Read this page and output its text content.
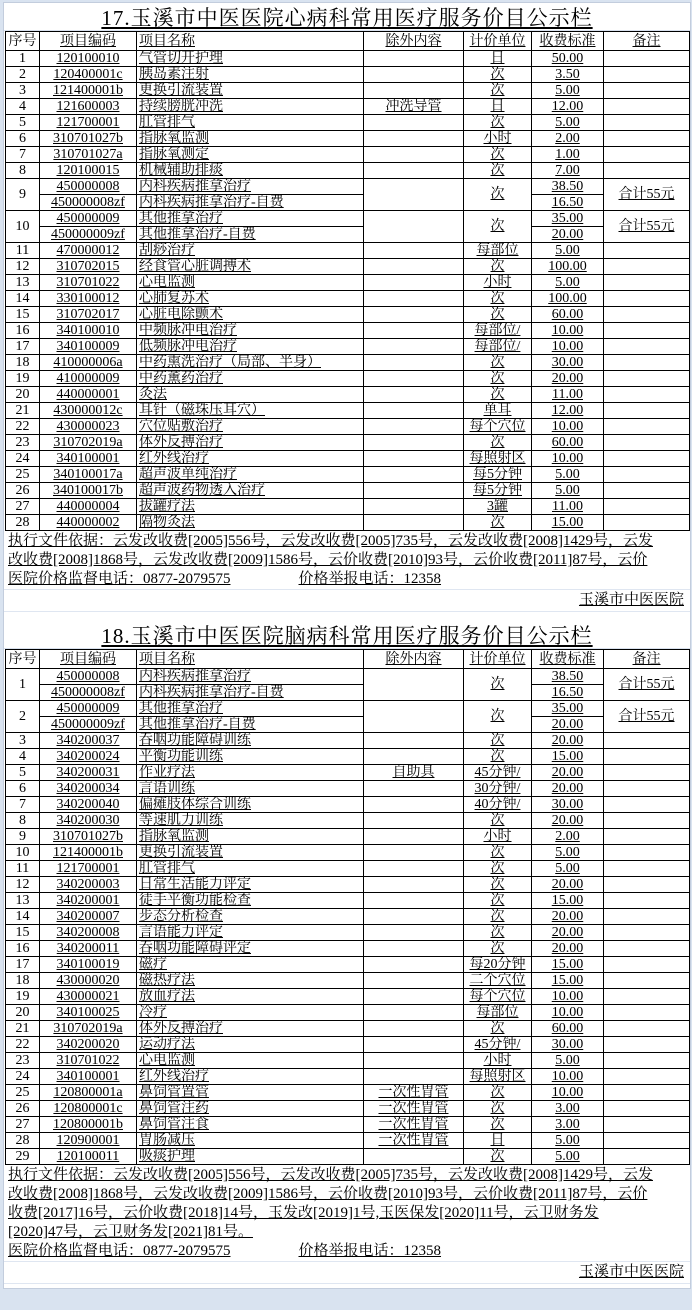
17.玉溪市中医医院心病科常用医疗服务价目公示栏
序号	项目编码	项目名称	除外内容	计价单位	收费标准	备注
1	120100010	气管切开护理		日	50.00	
2	120400001c	胰岛素注射		次	3.50	
3	121400001b	更换引流装置		次	5.00	
4	121600003	持续膀胱冲洗	冲洗导管	日	12.00	
5	121700001	肛管排气		次	5.00	
6	310701027b	指脉氧监测		小时	2.00	
7	310701027a	指脉氧测定		次	1.00	
8	120100015	机械辅助排痰		次	7.00	
9	450000008	内科疾病推拿治疗		次	38.50	合计55元
	450000008zf	内科疾病推拿治疗-自费			16.50	
10	450000009	其他推拿治疗		次	35.00	合计55元
	450000009zf	其他推拿治疗-自费			20.00	
11	470000012	刮痧治疗		每部位	5.00	
12	310702015	经食管心脏调搏术		次	100.00	
13	310701022	心电监测		小时	5.00	
14	330100012	心肺复苏术		次	100.00	
15	310702017	心脏电除颤术		次	60.00	
16	340100010	中频脉冲电治疗		每部位/	10.00	
17	340100009	低频脉冲电治疗		每部位/	10.00	
18	410000006a	中药熏洗治疗（局部、半身）		次	30.00	
19	410000009	中药薰药治疗		次	20.00	
20	440000001	灸法		次	11.00	
21	430000012c	耳针（磁珠压耳穴）		单耳	12.00	
22	430000023	穴位贴敷治疗		每个穴位	10.00	
23	310702019a	体外反搏治疗		次	60.00	
24	340100001	红外线治疗		每照射区	10.00	
25	340100017a	超声波单纯治疗		每5分钟	5.00	
26	340100017b	超声波药物透入治疗		每5分钟	5.00	
27	440000004	拔罐疗法		3罐	11.00	
28	440000002	隔物灸法		次	15.00	
执行文件依据：云发改收费[2005]556号，云发改收费[2005]735号，云发改收费[2008]1429号，云发
改收费[2008]1868号，云发改收费[2009]1586号，云价收费[2010]93号，云价收费[2011]87号，云价
医院价格监督电话：0877-2079575	价格举报电话：12358
玉溪市中医医院
18.玉溪市中医医院脑病科常用医疗服务价目公示栏
序号	项目编码	项目名称	除外内容	计价单位	收费标准	备注
1	450000008	内科疾病推拿治疗		次	38.50	合计55元
	450000008zf	内科疾病推拿治疗-自费			16.50	
2	450000009	其他推拿治疗		次	35.00	合计55元
	450000009zf	其他推拿治疗-自费			20.00	
3	340200037	吞咽功能障碍训练		次	20.00	
4	340200024	平衡功能训练		次	15.00	
5	340200031	作业疗法	自助具	45分钟/	20.00	
6	340200034	言语训练		30分钟/	20.00	
7	340200040	偏瘫肢体综合训练		40分钟/	30.00	
8	340200030	等速肌力训练		次	20.00	
9	310701027b	指脉氧监测		小时	2.00	
10	121400001b	更换引流装置		次	5.00	
11	121700001	肛管排气		次	5.00	
12	340200003	日常生活能力评定		次	20.00	
13	340200001	徒手平衡功能检查		次	15.00	
14	340200007	步态分析检查		次	20.00	
15	340200008	言语能力评定		次	20.00	
16	340200011	吞咽功能障碍评定		次	20.00	
17	340100019	磁疗		每20分钟	15.00	
18	430000020	磁热疗法		二个穴位	15.00	
19	430000021	放血疗法		每个穴位	10.00	
20	340100025	冷疗		每部位	10.00	
21	310702019a	体外反搏治疗		次	60.00	
22	340200020	运动疗法		45分钟/	30.00	
23	310701022	心电监测		小时	5.00	
24	340100001	红外线治疗		每照射区	10.00	
25	120800001a	鼻饲管置管	一次性胃管	次	10.00	
26	120800001c	鼻饲管注药	一次性胃管	次	3.00	
27	120800001b	鼻饲管注食	一次性胃管	次	3.00	
28	120900001	胃肠减压	一次性胃管	日	5.00	
29	120100011	吸痰护理		次	5.00	
执行文件依据：云发改收费[2005]556号，云发改收费[2005]735号，云发改收费[2008]1429号，云发
改收费[2008]1868号，云发改收费[2009]1586号，云价收费[2010]93号，云价收费[2011]87号，云价
收费[2017]16号，云价收费[2018]14号，玉发改[2019]1号,玉医保发[2020]11号，云卫财务发
[2020]47号，云卫财务发[2021]81号。
医院价格监督电话：0877-2079575	价格举报电话：12358
玉溪市中医医院
